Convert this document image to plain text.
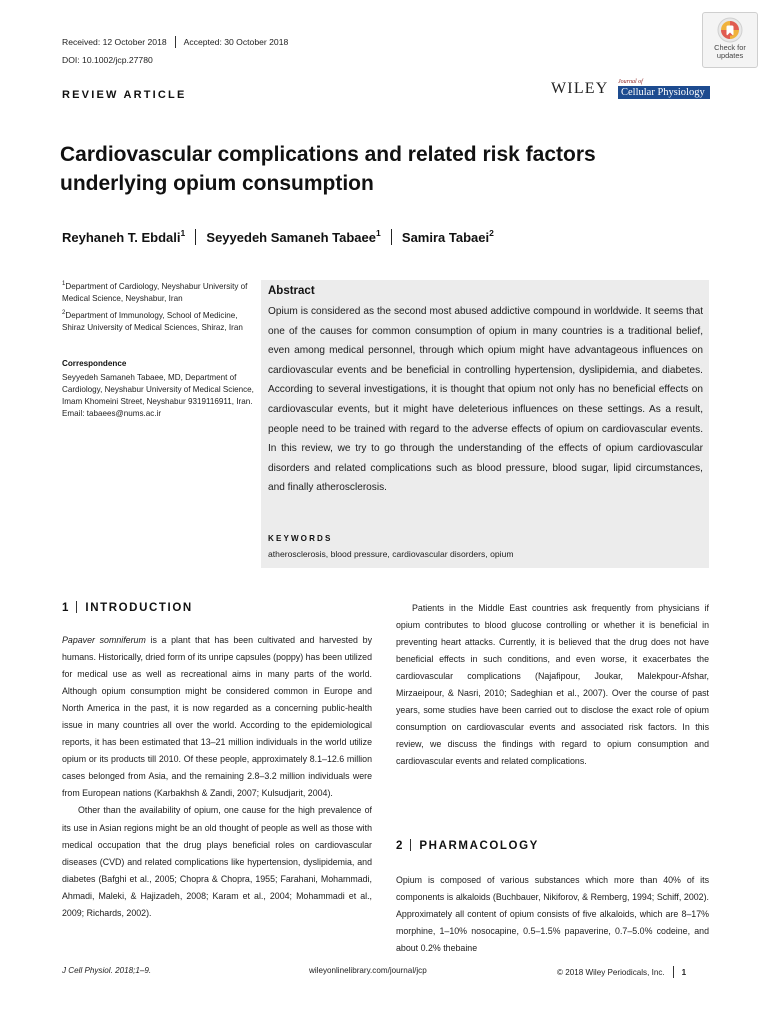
Received: 12 October 2018 Accepted: 30 October 2018
DOI: 10.1002/jcp.27780
REVIEW ARTICLE
Check for
updates
WILEY Journal of
Cellular Physiology
Cardiovascular complications and related risk factors underlying opium consumption
Reyhaneh T. Ebdali$^1$ Seyyedeh Samaneh Tabaee$^1$ Samira Tabaei$^2$
$^1$Department of Cardiology, Neyshabur University of Medical Science, Neyshabur, Iran
$^2$Department of Immunology, School of Medicine, Shiraz University of Medical Sciences, Shiraz, Iran
Correspondence
Seyyedeh Samaneh Tabaee, MD, Department of Cardiology, Neyshabur University of Medical Science, Imam Khomeini Street, Neyshabur 9319116911, Iran.
Email: tabaees@nums.ac.ir
Abstract
Opium is considered as the second most abused addictive compound in worldwide. It seems that one of the causes for common consumption of opium in many countries is a traditional belief, even among medical personnel, through which opium might have advantageous influences on cardiovascular events and be beneficial in controlling hypertension, dyslipidemia, and diabetes. According to several investigations, it is thought that opium not only has no beneficial effects on cardiovascular events, but it might have deleterious influences on these settings. As a result, people need to be trained with regard to the adverse effects of opium on cardiovascular events. In this review, we try to go through the understanding of the effects of opium cardiovascular disorders and related complications such as blood pressure, blood sugar, lipid circumstances, and finally atherosclerosis.
KEYWORDS
atherosclerosis, blood pressure, cardiovascular disorders, opium
1 INTRODUCTION

Papaver somniferum is a plant that has been cultivated and harvested by humans. Historically, dried form of its unripe capsules (poppy) has been utilized for medical use as well as recreational aims in many parts of the world. Although opium consumption might be considered common in Europe and North America in the past, it is now regarded as a concerning public-health issue in many countries all over the world. According to the epidemiological reports, it has been estimated that 13–21 million individuals in the world utilize opium or its products till 2010. Of these people, approximately 8.1–12.6 million cases belonged from Asia, and the remaining 2.8–3.2 million individuals were from European nations (Karbakhsh & Zandi, 2007; Kulsudjarit, 2004).

Other than the availability of opium, one cause for the high prevalence of its use in Asian regions might be an old thought of people as well as those with medical occupation that the drug plays beneficial roles on cardiovascular diseases (CVD) and related complications like hypertension, dyslipidemia, and diabetes (Bafghi et al., 2005; Chopra & Chopra, 1955; Farahani, Mohammadi, Ahmadi, Maleki, & Hajizadeh, 2008; Karam et al., 2004; Mohammadi et al., 2009; Richards, 2002).

Patients in the Middle East countries ask frequently from physicians if opium contributes to blood glucose controlling or whether it is beneficial in preventing heart attacks. Currently, it is believed that the drug does not have beneficial effects in such conditions, and even worse, it exacerbates the cardiovascular complications (Najafipour, Joukar, Malekpour-Afshar, Mirzaeipour, & Nasri, 2010; Sadeghian et al., 2007). Over the course of past years, some studies have been carried out to disclose the exact role of opium consumption on cardiovascular events and associated risk factors. In this review, we discuss the findings with regard to opium consumption and cardiovascular events and related complications.

2 PHARMACOLOGY

Opium is composed of various substances which more than 40% of its components is alkaloids (Buchbauer, Nikiforov, & Remberg, 1994; Schiff, 2002). Approximately all content of opium consists of five alkaloids, which are 8–17% morphine, 1–10% nosocapine, 0.5–1.5% papaverine, 0.7–5.0% codeine, and about 0.2% thebaine

J Cell Physiol. 2018;1–9.	wileyonlinelibrary.com/journal/jcp	© 2018 Wiley Periodicals, Inc. 1
